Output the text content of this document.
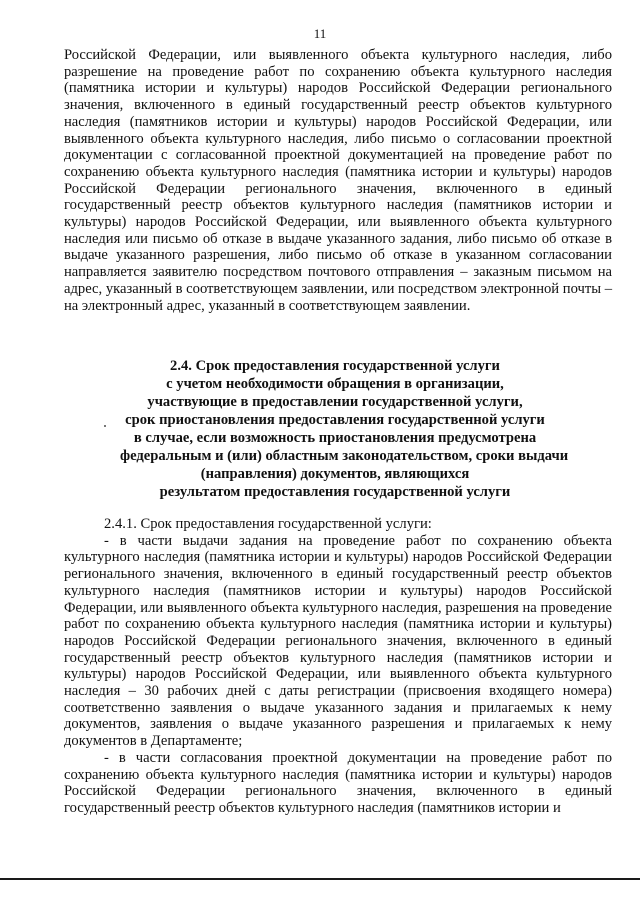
11

Российской Федерации, или выявленного объекта культурного наследия, либо разрешение на проведение работ по сохранению объекта культурного наследия (памятника истории и культуры) народов Российской Федерации регионального значения, включенного в единый государственный реестр объектов культурного наследия (памятников истории и культуры) народов Российской Федерации, или выявленного объекта культурного наследия, либо письмо о согласовании проектной документации с согласованной проектной документацией на проведение работ по сохранению объекта культурного наследия (памятника истории и культуры) народов Российской Федерации регионального значения, включенного в единый государственный реестр объектов культурного наследия (памятников истории и культуры) народов Российской Федерации, или выявленного объекта культурного наследия или письмо об отказе в выдаче указанного задания, либо письмо об отказе в выдаче указанного разрешения, либо письмо об отказе в указанном согласовании направляется заявителю посредством почтового отправления – заказным письмом на адрес, указанный в соответствующем заявлении, или посредством электронной почты – на электронный адрес, указанный в соответствующем заявлении.

2.4. Срок предоставления государственной услуги
с учетом необходимости обращения в организации,
участвующие в предоставлении государственной услуги,
срок приостановления предоставления государственной услуги
в случае, если возможность приостановления предусмотрена
федеральным и (или) областным законодательством, сроки выдачи
(направления) документов, являющихся
результатом предоставления государственной услуги

2.4.1. Срок предоставления государственной услуги:

- в части выдачи задания на проведение работ по сохранению объекта культурного наследия (памятника истории и культуры) народов Российской Федерации регионального значения, включенного в единый государственный реестр объектов культурного наследия (памятников истории и культуры) народов Российской Федерации, или выявленного объекта культурного наследия, разрешения на проведение работ по сохранению объекта культурного наследия (памятника истории и культуры) народов Российской Федерации регионального значения, включенного в единый государственный реестр объектов культурного наследия (памятников истории и культуры) народов Российской Федерации, или выявленного объекта культурного наследия – 30 рабочих дней с даты регистрации (присвоения входящего номера) соответственно заявления о выдаче указанного задания и прилагаемых к нему документов, заявления о выдаче указанного разрешения и прилагаемых к нему документов в Департаменте;

- в части согласования проектной документации на проведение работ по сохранению объекта культурного наследия (памятника истории и культуры) народов Российской Федерации регионального значения, включенного в единый государственный реестр объектов культурного наследия (памятников истории и
